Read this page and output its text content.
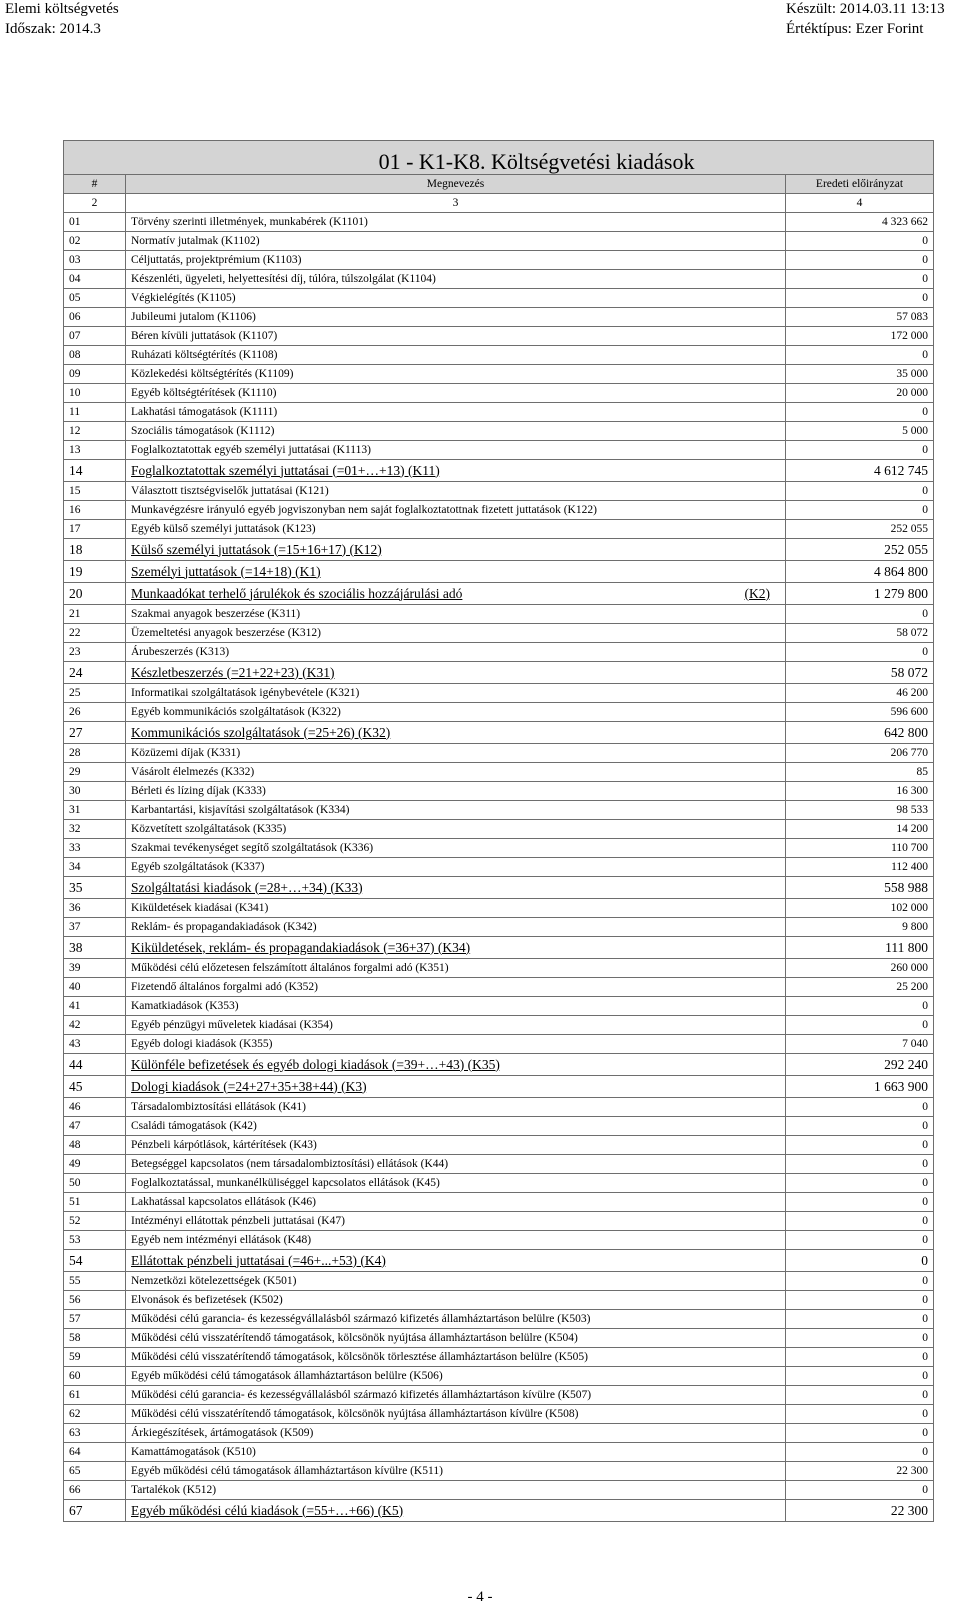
Elemi költségvetés
Időszak: 2014.3
Készült: 2014.03.11 13:13
Értéktípus: Ezer Forint
01 - K1-K8. Költségvetési kiadások		
#	Megnevezés	Eredeti előirányzat
2	3	4
01	Törvény szerinti illetmények, munkabérek (K1101)	4 323 662
02	Normatív jutalmak (K1102)	0
03	Céljuttatás, projektprémium (K1103)	0
04	Készenléti, ügyeleti, helyettesítési díj, túlóra, túlszolgálat (K1104)	0
05	Végkielégítés (K1105)	0
06	Jubileumi jutalom (K1106)	57 083
07	Béren kívüli juttatások (K1107)	172 000
08	Ruházati költségtérítés (K1108)	0
09	Közlekedési költségtérítés (K1109)	35 000
10	Egyéb költségtérítések (K1110)	20 000
11	Lakhatási támogatások (K1111)	0
12	Szociális támogatások (K1112)	5 000
13	Foglalkoztatottak egyéb személyi juttatásai (K1113)	0
14	Foglalkoztatottak személyi juttatásai (=01+…+13) (K11)	4 612 745
15	Választott tisztségviselők juttatásai (K121)	0
16	Munkavégzésre irányuló egyéb jogviszonyban nem saját foglalkoztatottnak fizetett juttatások (K122)	0
17	Egyéb külső személyi juttatások (K123)	252 055
18	Külső személyi juttatások (=15+16+17) (K12)	252 055
19	Személyi juttatások (=14+18) (K1)	4 864 800
20	Munkaadókat terhelő járulékok és szociális hozzájárulási adó (K2)	1 279 800
21	Szakmai anyagok beszerzése (K311)	0
22	Üzemeltetési anyagok beszerzése (K312)	58 072
23	Árubeszerzés (K313)	0
24	Készletbeszerzés (=21+22+23) (K31)	58 072
25	Informatikai szolgáltatások igénybevétele (K321)	46 200
26	Egyéb kommunikációs szolgáltatások (K322)	596 600
27	Kommunikációs szolgáltatások (=25+26) (K32)	642 800
28	Közüzemi díjak (K331)	206 770
29	Vásárolt élelmezés (K332)	85
30	Bérleti és lízing díjak (K333)	16 300
31	Karbantartási, kisjavítási szolgáltatások (K334)	98 533
32	Közvetített szolgáltatások (K335)	14 200
33	Szakmai tevékenységet segítő szolgáltatások (K336)	110 700
34	Egyéb szolgáltatások (K337)	112 400
35	Szolgáltatási kiadások (=28+…+34) (K33)	558 988
36	Kiküldetések kiadásai (K341)	102 000
37	Reklám- és propagandakiadások (K342)	9 800
38	Kiküldetések, reklám- és propagandakiadások (=36+37) (K34)	111 800
39	Működési célú előzetesen felszámított általános forgalmi adó (K351)	260 000
40	Fizetendő általános forgalmi adó (K352)	25 200
41	Kamatkiadások (K353)	0
42	Egyéb pénzügyi műveletek kiadásai (K354)	0
43	Egyéb dologi kiadások (K355)	7 040
44	Különféle befizetések és egyéb dologi kiadások (=39+…+43) (K35)	292 240
45	Dologi kiadások (=24+27+35+38+44) (K3)	1 663 900
46	Társadalombiztosítási ellátások (K41)	0
47	Családi támogatások (K42)	0
48	Pénzbeli kárpótlások, kártérítések (K43)	0
49	Betegséggel kapcsolatos (nem társadalombiztosítási) ellátások (K44)	0
50	Foglalkoztatással, munkanélküliséggel kapcsolatos ellátások (K45)	0
51	Lakhatással kapcsolatos ellátások (K46)	0
52	Intézményi ellátottak pénzbeli juttatásai (K47)	0
53	Egyéb nem intézményi ellátások (K48)	0
54	Ellátottak pénzbeli juttatásai (=46+...+53) (K4)	0
55	Nemzetközi kötelezettségek (K501)	0
56	Elvonások és befizetések (K502)	0
57	Működési célú garancia- és kezességvállalásból származó kifizetés államháztartáson belülre (K503)	0
58	Működési célú visszatérítendő támogatások, kölcsönök nyújtása államháztartáson belülre (K504)	0
59	Működési célú visszatérítendő támogatások, kölcsönök törlesztése államháztartáson belülre (K505)	0
60	Egyéb működési célú támogatások államháztartáson belülre (K506)	0
61	Működési célú garancia- és kezességvállalásból származó kifizetés államháztartáson kívülre (K507)	0
62	Működési célú visszatérítendő támogatások, kölcsönök nyújtása államháztartáson kívülre (K508)	0
63	Árkiegészítések, ártámogatások (K509)	0
64	Kamattámogatások (K510)	0
65	Egyéb működési célú támogatások államháztartáson kívülre (K511)	22 300
66	Tartalékok (K512)	0
67	Egyéb működési célú kiadások (=55+…+66) (K5)	22 300
- 4 -
